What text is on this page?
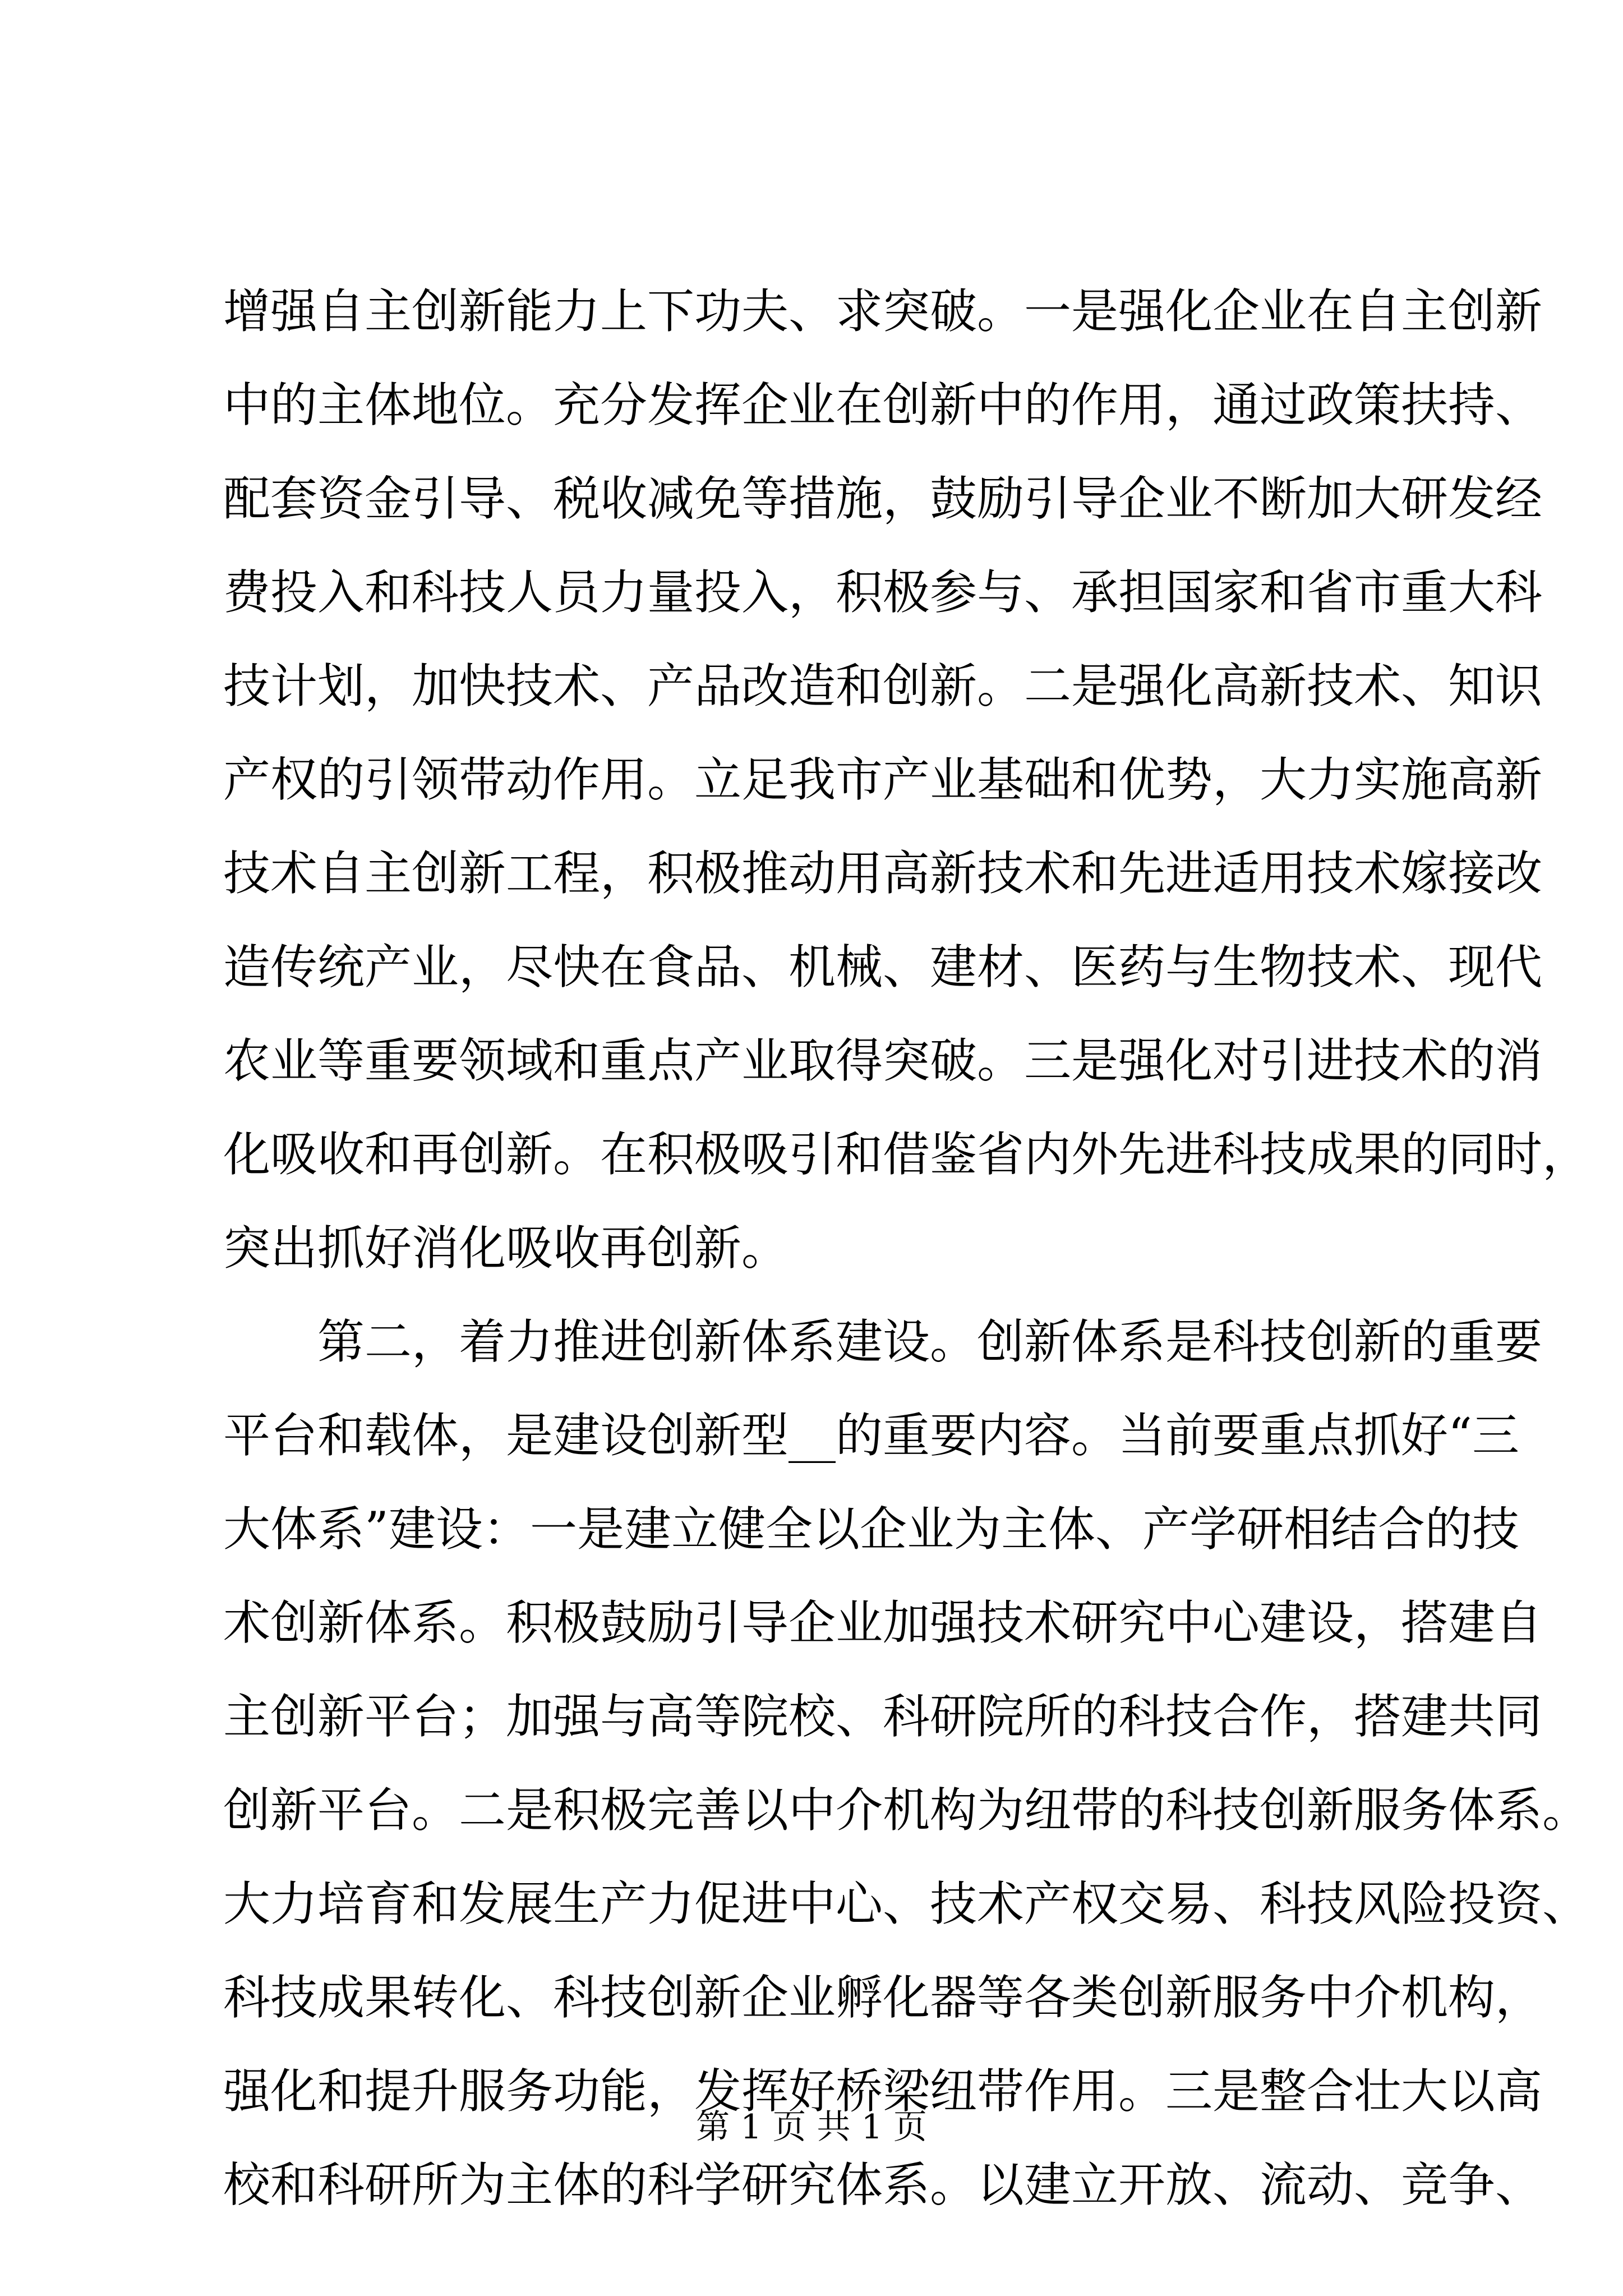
增强自主创新能力上下功夫、求突破。一是强化企业在自主创新
中的主体地位。充分发挥企业在创新中的作用，通过政策扶持、
配套资金引导、税收减免等措施，鼓励引导企业不断加大研发经
费投入和科技人员力量投入，积极参与、承担国家和省市重大科
技计划，加快技术、产品改造和创新。二是强化高新技术、知识
产权的引领带动作用。立足我市产业基础和优势，大力实施高新
技术自主创新工程，积极推动用高新技术和先进适用技术嫁接改
造传统产业，尽快在食品、机械、建材、医药与生物技术、现代
农业等重要领域和重点产业取得突破。三是强化对引进技术的消
化吸收和再创新。在积极吸引和借鉴省内外先进科技成果的同时，
突出抓好消化吸收再创新。
　　第二，着力推进创新体系建设。创新体系是科技创新的重要
平台和载体，是建设创新型__的重要内容。当前要重点抓好“三
大体系”建设：一是建立健全以企业为主体、产学研相结合的技
术创新体系。积极鼓励引导企业加强技术研究中心建设，搭建自
主创新平台；加强与高等院校、科研院所的科技合作，搭建共同
创新平台。二是积极完善以中介机构为纽带的科技创新服务体系。
大力培育和发展生产力促进中心、技术产权交易、科技风险投资、
科技成果转化、科技创新企业孵化器等各类创新服务中介机构，
强化和提升服务功能，发挥好桥梁纽带作用。三是整合壮大以高
校和科研所为主体的科学研究体系。以建立开放、流动、竞争、
第 1 页 共 1 页
